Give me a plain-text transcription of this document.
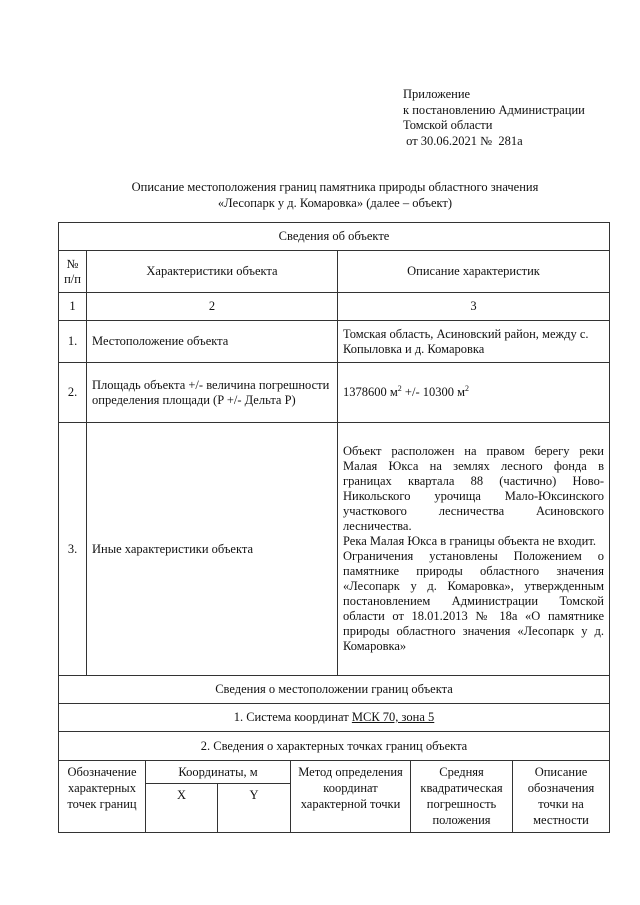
Приложение
к постановлению Администрации
Томской области
от 30.06.2021 №  281а
Описание местоположения границ памятника природы областного значения
«Лесопарк у д. Комаровка» (далее – объект)
Сведения об объекте		
№ п/п	Характеристики объекта	Описание характеристик
1	2	3
1.	Местоположение объекта	Томская область, Асиновский район, между с. Копыловка и д. Комаровка
2.	Площадь объекта +/- величина погрешности определения площади (P +/- Дельта P)	1378600 $м^2$ +/- 10300 $м^2$
3.	Иные характеристики объекта	Объект расположен на правом берегу реки Малая Юкса на землях лесного фонда в границах квартала 88 (частично) Ново-Никольского урочища Мало-Юксинского участкового лесничества Асиновского лесничества.
Река Малая Юкса в границы объекта не входит.
Ограничения установлены Положением о памятнике природы областного значения «Лесопарк у д. Комаровка», утвержденным постановлением Администрации Томской области от 18.01.2013 № 18а «О памятнике природы областного значения «Лесопарк у д. Комаровка»

Сведения о местоположении границ объекта		
1. Система координат МСК 70, зона 5		
2. Сведения о характерных точках границ объекта		
Обозначение характерных точек границ	Координаты, м		Метод определения координат характерной точки	Средняя квадратическая погрешность положения	Описание обозначения точки на местности
	X	Y			
